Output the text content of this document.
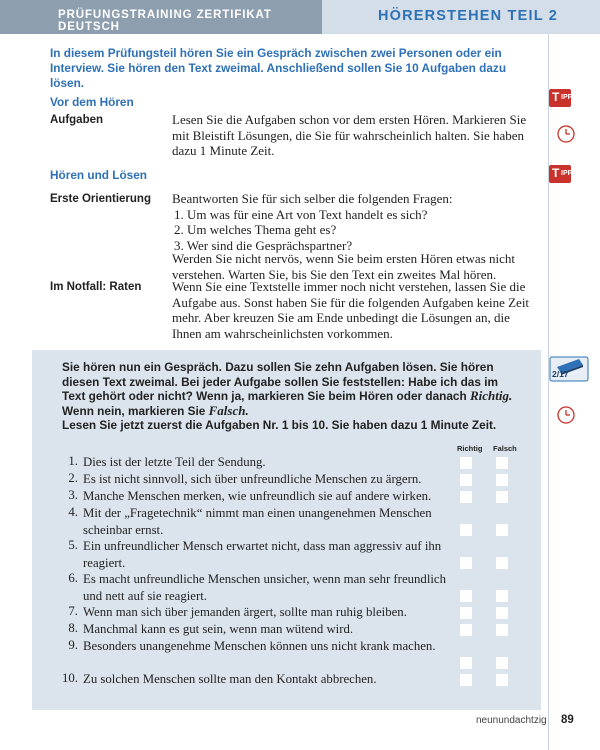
PRÜFUNGSTRAINING ZERTIFIKAT DEUTSCH
HÖRERSTEHEN TEIL 2
In diesem Prüfungsteil hören Sie ein Gespräch zwischen zwei Personen oder ein Interview. Sie hören den Text zweimal. Anschließend sollen Sie 10 Aufgaben dazu lösen.
Vor dem Hören
Aufgaben	Lesen Sie die Aufgaben schon vor dem ersten Hören. Markieren Sie mit Bleistift Lösungen, die Sie für wahrscheinlich halten. Sie haben dazu 1 Minute Zeit.
Hören und Lösen
Erste Orientierung Beantworten Sie für sich selber die folgenden Fragen:
1. Um was für eine Art von Text handelt es sich?
2. Um welches Thema geht es?
3. Wer sind die Gesprächspartner?
Werden Sie nicht nervös, wenn Sie beim ersten Hören etwas nicht verstehen. Warten Sie, bis Sie den Text ein zweites Mal hören.
Im Notfall: Raten Wenn Sie eine Textstelle immer noch nicht verstehen, lassen Sie die Aufgabe aus. Sonst haben Sie für die folgenden Aufgaben keine Zeit mehr. Aber kreuzen Sie am Ende unbedingt die Lösungen an, die Ihnen am wahrscheinlichsten vorkommen.
T IPP
T IPP
2/17
Sie hören nun ein Gespräch. Dazu sollen Sie zehn Aufgaben lösen. Sie hören diesen Text zweimal. Bei jeder Aufgabe sollen Sie feststellen: Habe ich das im Text gehört oder nicht? Wenn ja, markieren Sie beim Hören oder danach Richtig. Wenn nein, markieren Sie Falsch.
Lesen Sie jetzt zuerst die Aufgaben Nr. 1 bis 10. Sie haben dazu 1 Minute Zeit.
Richtig Falsch
1. Dies ist der letzte Teil der Sendung.
2. Es ist nicht sinnvoll, sich über unfreundliche Menschen zu ärgern.
3. Manche Menschen merken, wie unfreundlich sie auf andere wirken.
4. Mit der „Fragetechnik“ nimmt man einen unangenehmen Menschen scheinbar ernst.
5. Ein unfreundlicher Mensch erwartet nicht, dass man aggressiv auf ihn reagiert.
6. Es macht unfreundliche Menschen unsicher, wenn man sehr freundlich und nett auf sie reagiert.
7. Wenn man sich über jemanden ärgert, sollte man ruhig bleiben.
8. Manchmal kann es gut sein, wenn man wütend wird.
9. Besonders unangenehme Menschen können uns nicht krank machen.
10. Zu solchen Menschen sollte man den Kontakt abbrechen.
neunundachtzig 89
